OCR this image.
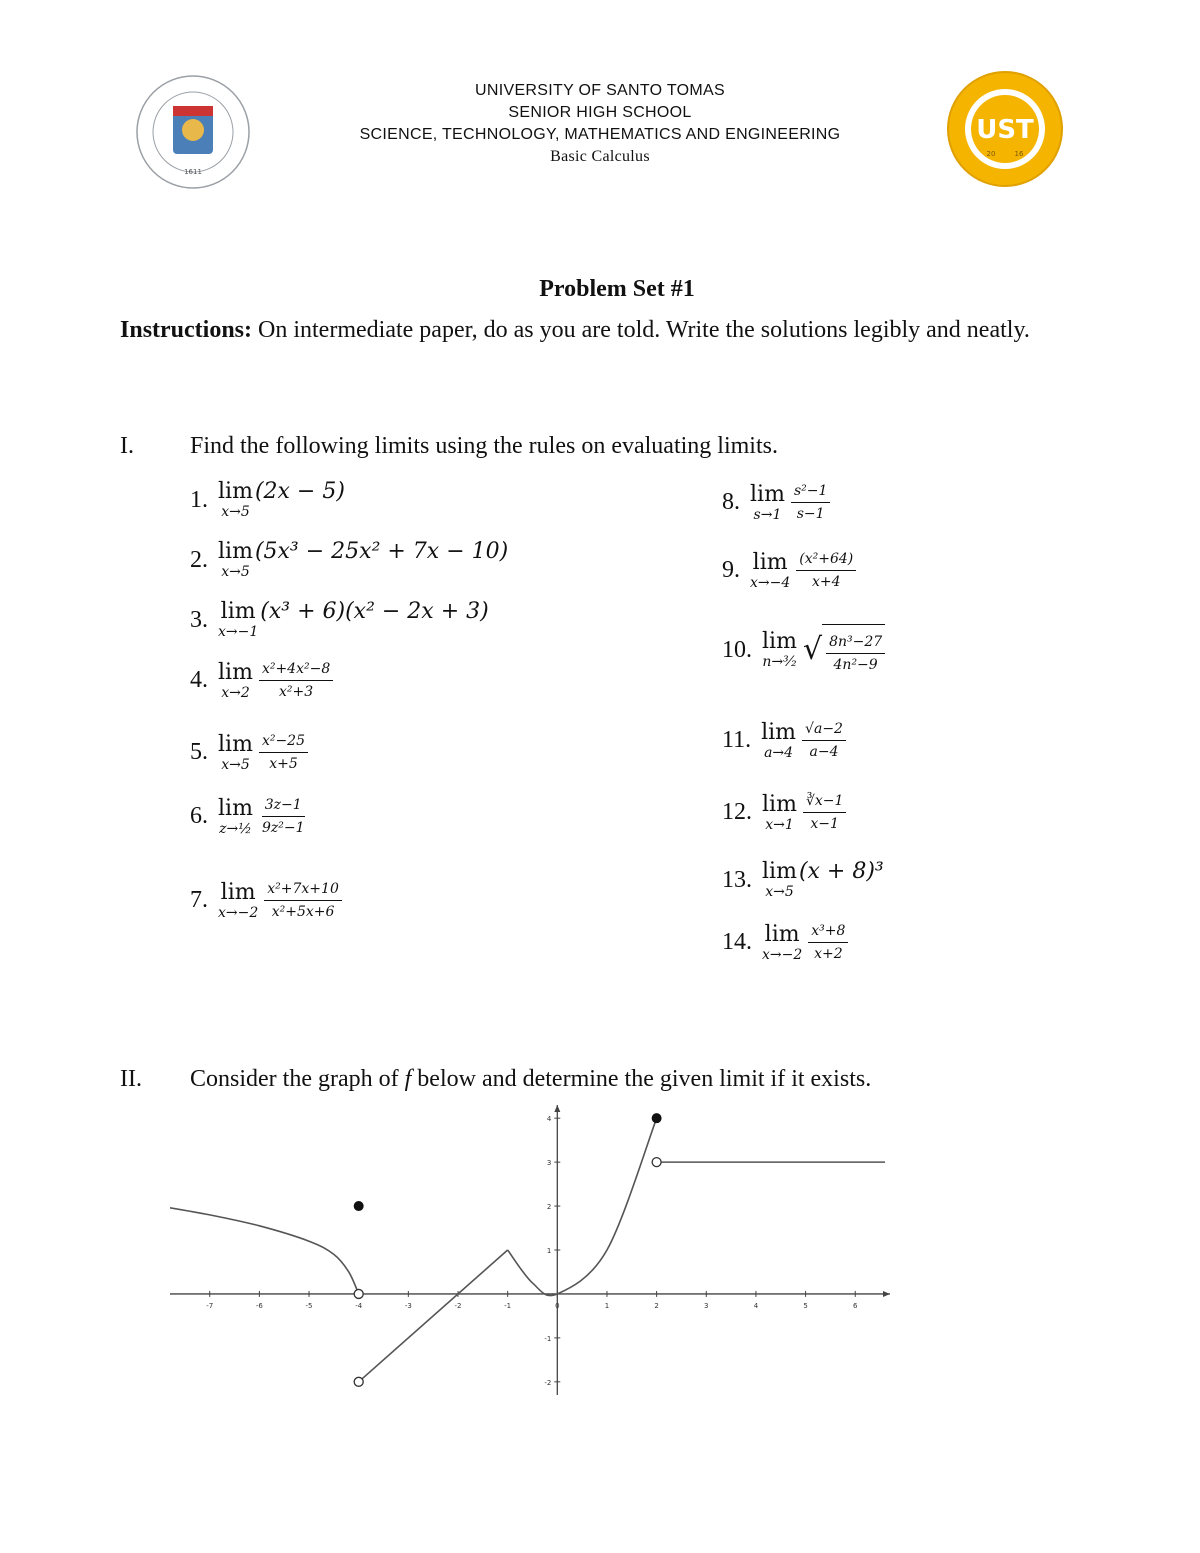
1611
UNIVERSITY OF SANTO TOMAS
SENIOR HIGH SCHOOL
SCIENCE, TECHNOLOGY, MATHEMATICS AND ENGINEERING
Basic Calculus
UST
20	16
Problem Set #1
Instructions: On intermediate paper, do as you are told. Write the solutions legibly and neatly.
I. Find the following limits using the rules on evaluating limits.
1. lim
x→5
(2x − 5)
2. lim
x→5
(5x³ − 25x² + 7x − 10)
3. lim
x→−1
(x³ + 6)(x² − 2x + 3)
4. lim
$x\to 2 \frac{\text{x²+4x²−8}}{\text{x²+3}}$
5. lim
$x\to 5 \frac{\text{x²−25}}{x+5}$
6. lim
z→½ $\frac{3z-1}{\text{9z²−1}}$
7. lim
$x\to-2 \frac{\text{x²+7x+10}}{\text{x²+5x+6}}$
8. lim
$s\to 1 \frac{\text{s²−1}}{s-1}$
9. lim
$x\to-4 \frac{\text{(x²+64)}}{x+4}$
10. lim
n→³⁄₂ √ $\frac{\text{8n³−27}}{\text{4n²−9}}$
11. lim
$a\to 4 \frac{√a-2}{a-4}$
12. lim
$x\to 1 \frac{∛x-1}{x-1}$
13. lim
x→5
(x + 8)³
14. lim
$x\to-2 \frac{\text{x³+8}}{x+2}$
II. Consider the graph of f below and determine the given limit if it exists.
-7	-6	-5	-4	-3	-2	-1	0	1	2	3	4	5	6
-2
-1
1
2
3
4
